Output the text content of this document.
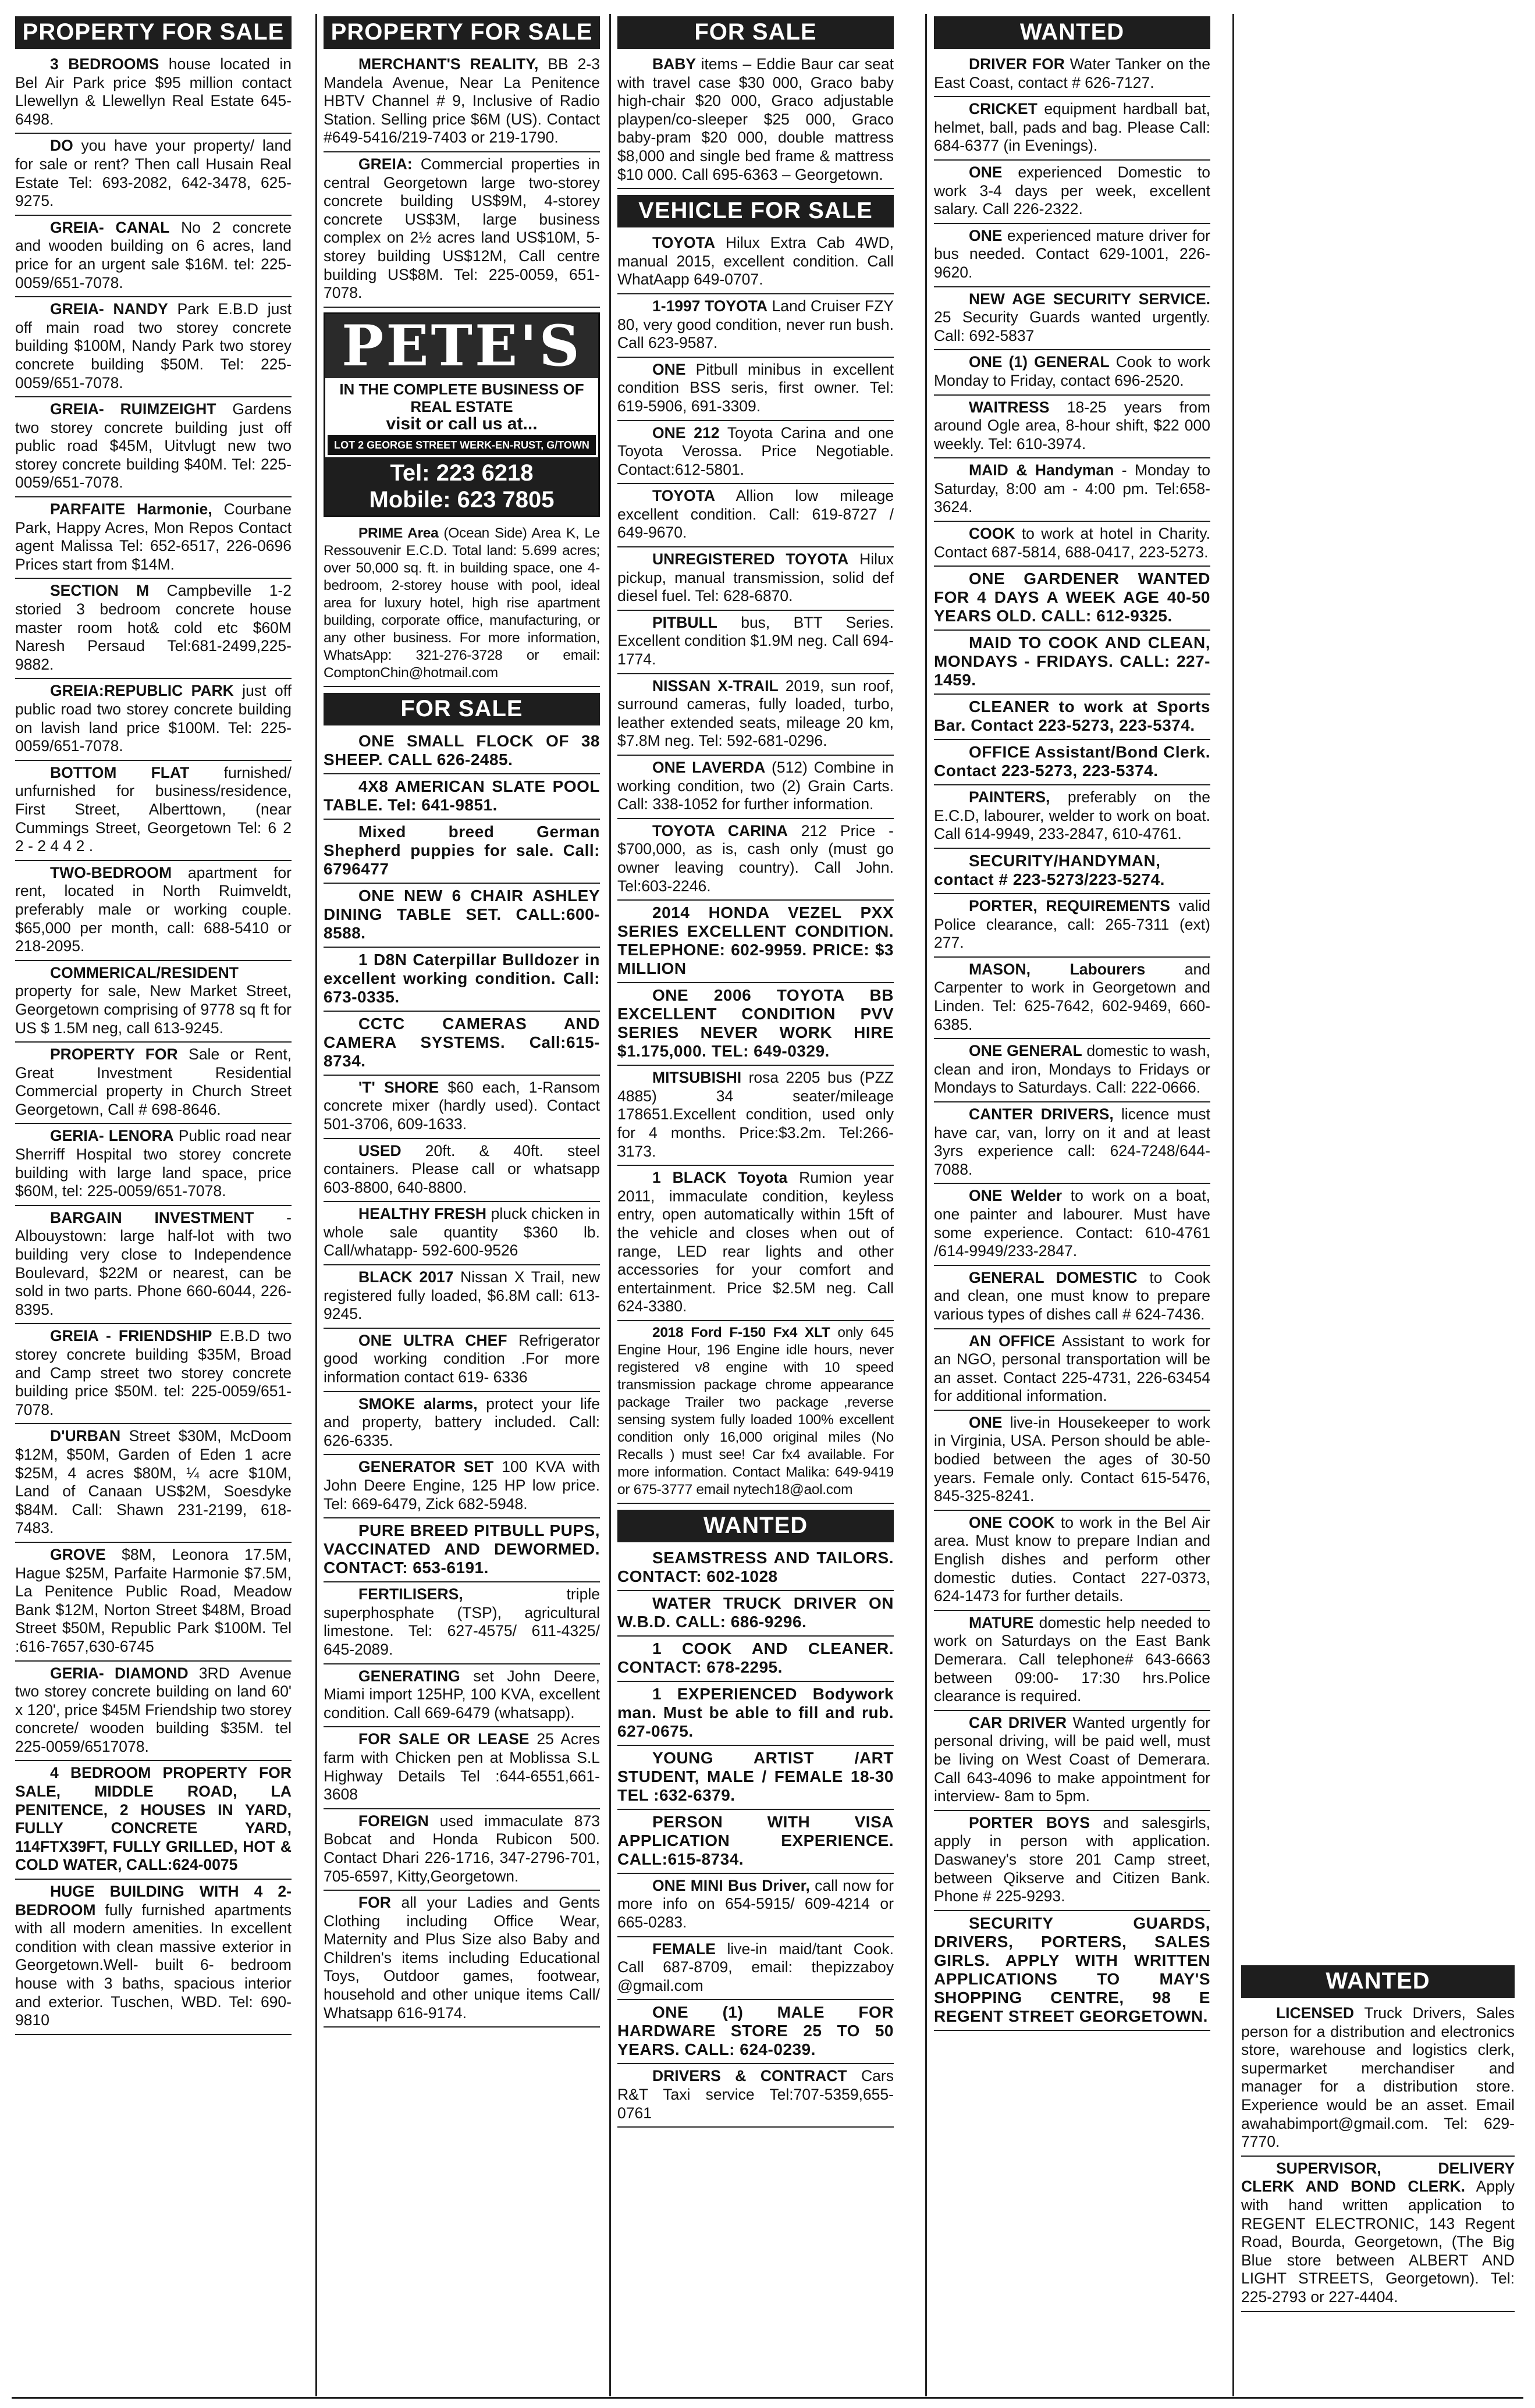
PROPERTY FOR SALE

3 BEDROOMS house located in Bel Air Park price $95 million contact Llewellyn & Llewellyn Real Estate 645-6498.

DO you have your property/ land for sale or rent? Then call Husain Real Estate Tel: 693-2082, 642-3478, 625-9275.

GREIA- CANAL No 2 concrete and wooden building on 6 acres, land price for an urgent sale $16M. tel: 225-0059/651-7078.

GREIA- NANDY Park E.B.D just off main road two storey concrete building $100M, Nandy Park two storey concrete building $50M. Tel: 225-0059/651-7078.

GREIA- RUIMZEIGHT Gardens two storey concrete building just off public road $45M, Uitvlugt new two storey concrete building $40M. Tel: 225-0059/651-7078.

PARFAITE Harmonie, Courbane Park, Happy Acres, Mon Repos Contact agent Malissa Tel: 652-6517, 226-0696 Prices start from $14M.

SECTION M Campbeville 1-2 storied 3 bedroom concrete house master room hot& cold etc $60M Naresh Persaud Tel:681-2499,225-9882.

GREIA:REPUBLIC PARK just off public road two storey concrete building on lavish land price $100M. Tel: 225-0059/651-7078.

BOTTOM FLAT furnished/ unfurnished for business/residence, First Street, Alberttown, (near Cummings Street, Georgetown Tel: 6 2 2 - 2 4 4 2 .

TWO-BEDROOM apartment for rent, located in North Ruimveldt, preferably male or working couple. $65,000 per month, call: 688-5410 or 218-2095.

COMMERICAL/RESIDENT property for sale, New Market Street, Georgetown comprising of 9778 sq ft for US $ 1.5M neg, call 613-9245.

PROPERTY FOR Sale or Rent, Great Investment Residential Commercial property in Church Street Georgetown, Call # 698-8646.

GERIA- LENORA Public road near Sherriff Hospital two storey concrete building with large land space, price $60M, tel: 225-0059/651-7078.

BARGAIN INVESTMENT - Albouystown: large half-lot with two building very close to Independence Boulevard, $22M or nearest, can be sold in two parts. Phone 660-6044, 226-8395.

GREIA - FRIENDSHIP E.B.D two storey concrete building $35M, Broad and Camp street two storey concrete building price $50M. tel: 225-0059/651-7078.

D'URBAN Street $30M, McDoom $12M, $50M, Garden of Eden 1 acre $25M, 4 acres $80M, ¼ acre $10M, Land of Canaan US$2M, Soesdyke $84M. Call: Shawn 231-2199, 618-7483.

GROVE $8M, Leonora 17.5M, Hague $25M, Parfaite Harmonie $7.5M, La Penitence Public Road, Meadow Bank $12M, Norton Street $48M, Broad Street $50M, Republic Park $100M. Tel :616-7657,630-6745

GERIA- DIAMOND 3RD Avenue two storey concrete building on land 60' x 120', price $45M Friendship two storey concrete/ wooden building $35M. tel 225-0059/6517078.

4 BEDROOM PROPERTY FOR SALE, MIDDLE ROAD, LA PENITENCE, 2 HOUSES IN YARD, FULLY CONCRETE YARD, 114FTX39FT, FULLY GRILLED, HOT & COLD WATER, CALL:624-0075

HUGE BUILDING WITH 4 2- BEDROOM fully furnished apartments with all modern amenities. In excellent condition with clean massive exterior in Georgetown.Well- built 6- bedroom house with 3 baths, spacious interior and exterior. Tuschen, WBD. Tel: 690-9810

PROPERTY FOR SALE

MERCHANT'S REALITY, BB 2-3 Mandela Avenue, Near La Penitence HBTV Channel # 9, Inclusive of Radio Station. Selling price $6M (US). Contact #649-5416/219-7403 or 219-1790.

GREIA: Commercial properties in central Georgetown large two-storey concrete building US$9M, 4-storey concrete US$3M, large business complex on 2½ acres land US$10M, 5-storey building US$12M, Call centre building US$8M. Tel: 225-0059, 651-7078.

PETE'S
IN THE COMPLETE BUSINESS OF REAL ESTATE
visit or call us at...
LOT 2 GEORGE STREET WERK-EN-RUST, G/TOWN
Tel: 223 6218
Mobile: 623 7805

PRIME Area (Ocean Side) Area K, Le Ressouvenir E.C.D. Total land: 5.699 acres; over 50,000 sq. ft. in building space, one 4-bedroom, 2-storey house with pool, ideal area for luxury hotel, high rise apartment building, corporate office, manufacturing, or any other business. For more information, WhatsApp: 321-276-3728 or email: ComptonChin@hotmail.com

FOR SALE

ONE SMALL FLOCK OF 38 SHEEP. CALL 626-2485.

4X8 AMERICAN SLATE POOL TABLE. Tel: 641-9851.

Mixed breed German Shepherd puppies for sale. Call: 6796477

ONE NEW 6 CHAIR ASHLEY DINING TABLE SET. CALL:600-8588.

1 D8N Caterpillar Bulldozer in excellent working condition. Call: 673-0335.

CCTC CAMERAS AND CAMERA SYSTEMS. Call:615-8734.

'T' SHORE $60 each, 1-Ransom concrete mixer (hardly used). Contact 501-3706, 609-1633.

USED 20ft. & 40ft. steel containers. Please call or whatsapp 603-8800, 640-8800.

HEALTHY FRESH pluck chicken in whole sale quantity $360 lb. Call/whatapp- 592-600-9526

BLACK 2017 Nissan X Trail, new registered fully loaded, $6.8M call: 613-9245.

ONE ULTRA CHEF Refrigerator good working condition .For more information contact 619- 6336

SMOKE alarms, protect your life and property, battery included. Call: 626-6335.

GENERATOR SET 100 KVA with John Deere Engine, 125 HP low price. Tel: 669-6479, Zick 682-5948.

PURE BREED PITBULL PUPS, VACCINATED AND DEWORMED. CONTACT: 653-6191.

FERTILISERS, triple superphosphate (TSP), agricultural limestone. Tel: 627-4575/ 611-4325/ 645-2089.

GENERATING set John Deere, Miami import 125HP, 100 KVA, excellent condition. Call 669-6479 (whatsapp).

FOR SALE OR LEASE 25 Acres farm with Chicken pen at Moblissa S.L Highway Details Tel :644-6551,661-3608

FOREIGN used immaculate 873 Bobcat and Honda Rubicon 500. Contact Dhari 226-1716, 347-2796-701, 705-6597, Kitty,Georgetown.

FOR all your Ladies and Gents Clothing including Office Wear, Maternity and Plus Size also Baby and Children's items including Educational Toys, Outdoor games, footwear, household and other unique items Call/ Whatsapp 616-9174.

FOR SALE

BABY items – Eddie Baur car seat with travel case $30 000, Graco baby high-chair $20 000, Graco adjustable playpen/co-sleeper $25 000, Graco baby-pram $20 000, double mattress $8,000 and single bed frame & mattress $10 000. Call 695-6363 – Georgetown.

VEHICLE FOR SALE

TOYOTA Hilux Extra Cab 4WD, manual 2015, excellent condition. Call WhatAapp 649-0707.

1-1997 TOYOTA Land Cruiser FZY 80, very good condition, never run bush. Call 623-9587.

ONE Pitbull minibus in excellent condition BSS seris, first owner. Tel: 619-5906, 691-3309.

ONE 212 Toyota Carina and one Toyota Verossa. Price Negotiable. Contact:612-5801.

TOYOTA Allion low mileage excellent condition. Call: 619-8727 / 649-9670.

UNREGISTERED TOYOTA Hilux pickup, manual transmission, solid def diesel fuel. Tel: 628-6870.

PITBULL bus, BTT Series. Excellent condition $1.9M neg. Call 694-1774.

NISSAN X-TRAIL 2019, sun roof, surround cameras, fully loaded, turbo, leather extended seats, mileage 20 km, $7.8M neg. Tel: 592-681-0296.

ONE LAVERDA (512) Combine in working condition, two (2) Grain Carts. Call: 338-1052 for further information.

TOYOTA CARINA 212 Price - $700,000, as is, cash only (must go owner leaving country). Call John. Tel:603-2246.

2014 HONDA VEZEL PXX SERIES EXCELLENT CONDITION. TELEPHONE: 602-9959. PRICE: $3 MILLION

ONE 2006 TOYOTA BB EXCELLENT CONDITION PVV SERIES NEVER WORK HIRE $1.175,000. TEL: 649-0329.

MITSUBISHI rosa 2205 bus (PZZ 4885) 34 seater/mileage 178651.Excellent condition, used only for 4 months. Price:$3.2m. Tel:266-3173.

1 BLACK Toyota Rumion year 2011, immaculate condition, keyless entry, open automatically within 15ft of the vehicle and closes when out of range, LED rear lights and other accessories for your comfort and entertainment. Price $2.5M neg. Call 624-3380.

2018 Ford F-150 Fx4 XLT only 645 Engine Hour, 196 Engine idle hours, never registered v8 engine with 10 speed transmission package chrome appearance package Trailer two package ,reverse sensing system fully loaded 100% excellent condition only 16,000 original miles (No Recalls ) must see! Car fx4 available. For more information. Contact Malika: 649-9419 or 675-3777 email nytech18@aol.com

WANTED

SEAMSTRESS AND TAILORS. CONTACT: 602-1028

WATER TRUCK DRIVER ON W.B.D. CALL: 686-9296.

1 COOK AND CLEANER. CONTACT: 678-2295.

1 EXPERIENCED Bodywork man. Must be able to fill and rub. 627-0675.

YOUNG ARTIST /ART STUDENT, MALE / FEMALE 18-30 TEL :632-6379.

PERSON WITH VISA APPLICATION EXPERIENCE. CALL:615-8734.

ONE MINI Bus Driver, call now for more info on 654-5915/ 609-4214 or 665-0283.

FEMALE live-in maid/tant Cook. Call 687-8709, email: thepizzaboy @gmail.com

ONE (1) MALE FOR HARDWARE STORE 25 TO 50 YEARS. CALL: 624-0239.

DRIVERS & CONTRACT Cars R&T Taxi service Tel:707-5359,655-0761

WANTED

DRIVER FOR Water Tanker on the East Coast, contact # 626-7127.

CRICKET equipment hardball bat, helmet, ball, pads and bag. Please Call: 684-6377 (in Evenings).

ONE experienced Domestic to work 3-4 days per week, excellent salary. Call 226-2322.

ONE experienced mature driver for bus needed. Contact 629-1001, 226-9620.

NEW AGE SECURITY SERVICE. 25 Security Guards wanted urgently. Call: 692-5837

ONE (1) GENERAL Cook to work Monday to Friday, contact 696-2520.

WAITRESS 18-25 years from around Ogle area, 8-hour shift, $22 000 weekly. Tel: 610-3974.

MAID & Handyman - Monday to Saturday, 8:00 am - 4:00 pm. Tel:658-3624.

COOK to work at hotel in Charity. Contact 687-5814, 688-0417, 223-5273.

ONE GARDENER WANTED FOR 4 DAYS A WEEK AGE 40-50 YEARS OLD. CALL: 612-9325.

MAID TO COOK AND CLEAN, MONDAYS - FRIDAYS. CALL: 227-1459.

CLEANER to work at Sports Bar. Contact 223-5273, 223-5374.

OFFICE Assistant/Bond Clerk. Contact 223-5273, 223-5374.

PAINTERS, preferably on the E.C.D, labourer, welder to work on boat. Call 614-9949, 233-2847, 610-4761.

SECURITY/HANDYMAN, contact # 223-5273/223-5274.

PORTER, REQUIREMENTS valid Police clearance, call: 265-7311 (ext) 277.

MASON, Labourers and Carpenter to work in Georgetown and Linden. Tel: 625-7642, 602-9469, 660-6385.

ONE GENERAL domestic to wash, clean and iron, Mondays to Fridays or Mondays to Saturdays. Call: 222-0666.

CANTER DRIVERS, licence must have car, van, lorry on it and at least 3yrs experience call: 624-7248/644-7088.

ONE Welder to work on a boat, one painter and labourer. Must have some experience. Contact: 610-4761 /614-9949/233-2847.

GENERAL DOMESTIC to Cook and clean, one must know to prepare various types of dishes call # 624-7436.

AN OFFICE Assistant to work for an NGO, personal transportation will be an asset. Contact 225-4731, 226-63454 for additional information.

ONE live-in Housekeeper to work in Virginia, USA. Person should be able-bodied between the ages of 30-50 years. Female only. Contact 615-5476, 845-325-8241.

ONE COOK to work in the Bel Air area. Must know to prepare Indian and English dishes and perform other domestic duties. Contact 227-0373, 624-1473 for further details.

MATURE domestic help needed to work on Saturdays on the East Bank Demerara. Call telephone# 643-6663 between 09:00- 17:30 hrs.Police clearance is required.

CAR DRIVER Wanted urgently for personal driving, will be paid well, must be living on West Coast of Demerara. Call 643-4096 to make appointment for interview- 8am to 5pm.

PORTER BOYS and salesgirls, apply in person with application. Daswaney's store 201 Camp street, between Qikserve and Citizen Bank. Phone # 225-9293.

SECURITY GUARDS, DRIVERS, PORTERS, SALES GIRLS. APPLY WITH WRITTEN APPLICATIONS TO MAY'S SHOPPING CENTRE, 98 E REGENT STREET GEORGETOWN.

WANTED

LICENSED Truck Drivers, Sales person for a distribution and electronics store, warehouse and logistics clerk, supermarket merchandiser and manager for a distribution store. Experience would be an asset. Email awahabimport@gmail.com. Tel: 629-7770.

SUPERVISOR, DELIVERY CLERK AND BOND CLERK. Apply with hand written application to REGENT ELECTRONIC, 143 Regent Road, Bourda, Georgetown, (The Big Blue store between ALBERT AND LIGHT STREETS, Georgetown). Tel: 225-2793 or 227-4404.
